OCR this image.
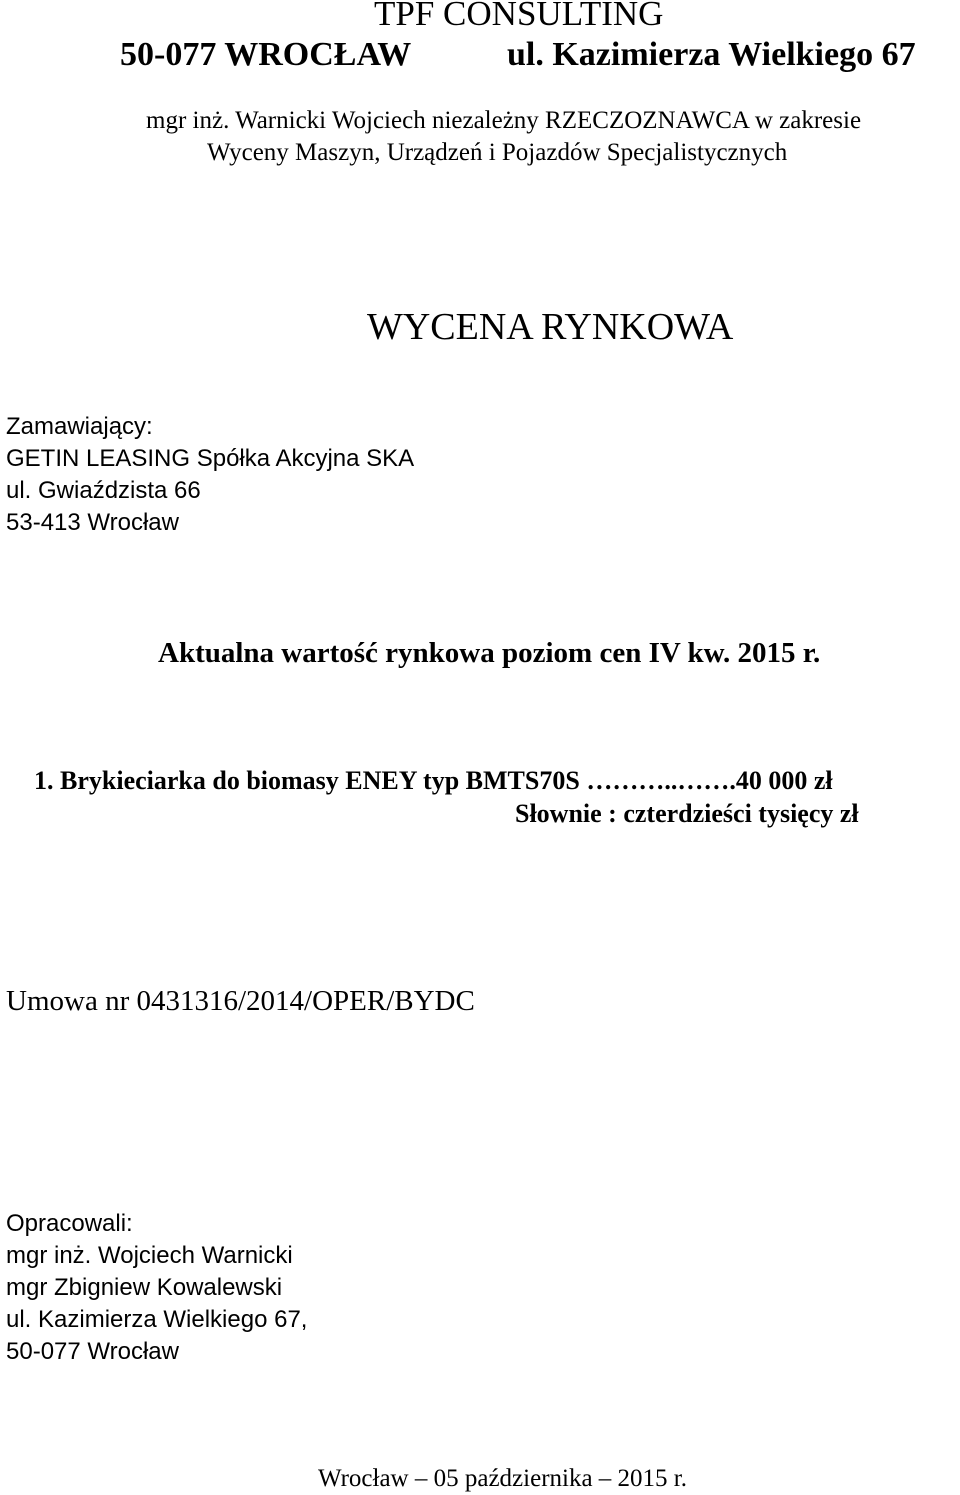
TPF CONSULTING

50-077 WROCŁAW	ul. Kazimierza Wielkiego 67

mgr inż. Warnicki Wojciech niezależny RZECZOZNAWCA w zakresie

Wyceny Maszyn, Urządzeń i Pojazdów Specjalistycznych

WYCENA RYNKOWA

Zamawiający:

GETIN LEASING Spółka Akcyjna SKA

ul. Gwiaździsta 66

53-413 Wrocław

Aktualna wartość rynkowa poziom cen IV kw. 2015 r.

1. Brykieciarka do biomasy ENEY typ BMTS70S ………..…….40 000 zł

Słownie : czterdzieści tysięcy zł

Umowa nr 0431316/2014/OPER/BYDC

Opracowali:

mgr inż. Wojciech Warnicki

mgr Zbigniew Kowalewski

ul. Kazimierza Wielkiego 67,

50-077 Wrocław

Wrocław – 05 października – 2015 r.
